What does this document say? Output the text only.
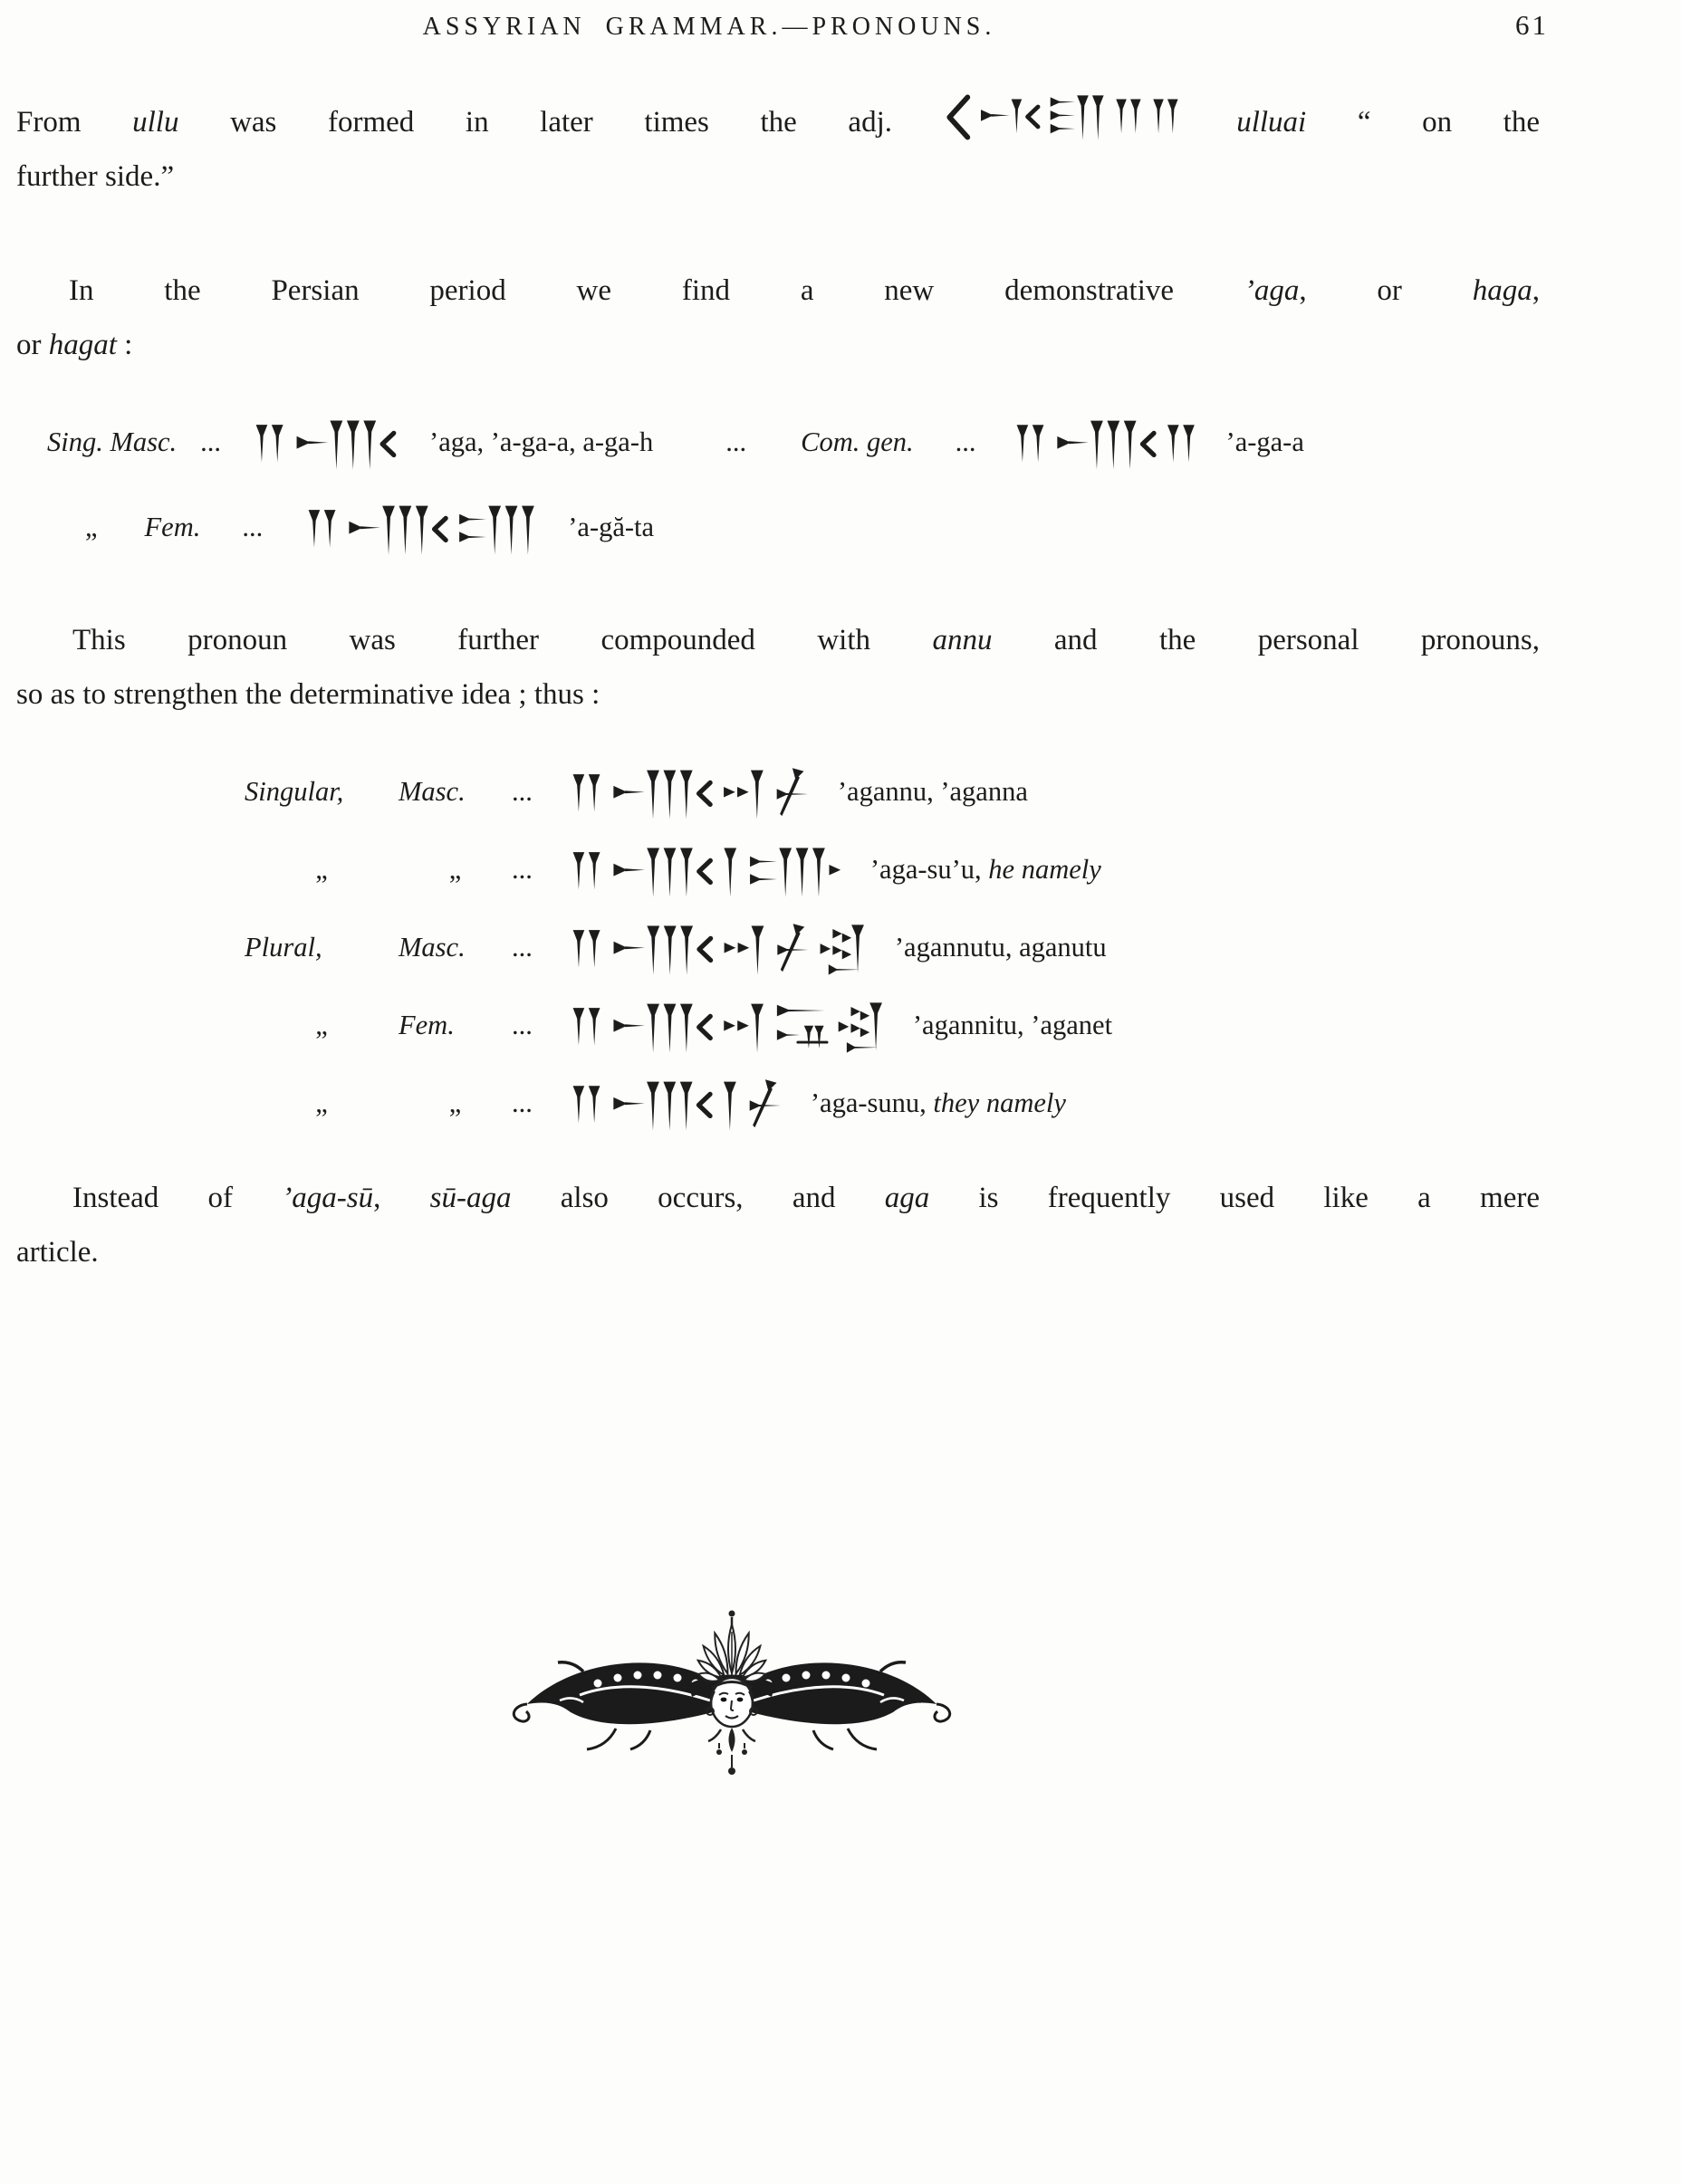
ASSYRIAN GRAMMAR.—PRONOUNS.	61
From ullu was formed in later times the adj.	ulluai “ on the
further side.”
In the Persian period we find a new demonstrative ’aga, or haga,
or hagat :
Sing. Masc. ...	’aga, ’a-ga-a, a-ga-h	... Com. gen. ...	’a-ga-a
„ Fem. ...	’a-gă-ta
This pronoun was further compounded with annu and the personal pronouns,
so as to strengthen the determinative idea ; thus :
Singular, Masc. ...	’agannu, ’aganna
„	„ ...	’aga-su’u, he namely
Plural,	Masc. ...	’agannutu, aganutu
„	Fem. ...	’agannitu, ’aganet
„	„ ...	’aga-sunu, they namely
Instead of ’aga-sū, sū-aga also occurs, and aga is frequently used like a mere
article.
